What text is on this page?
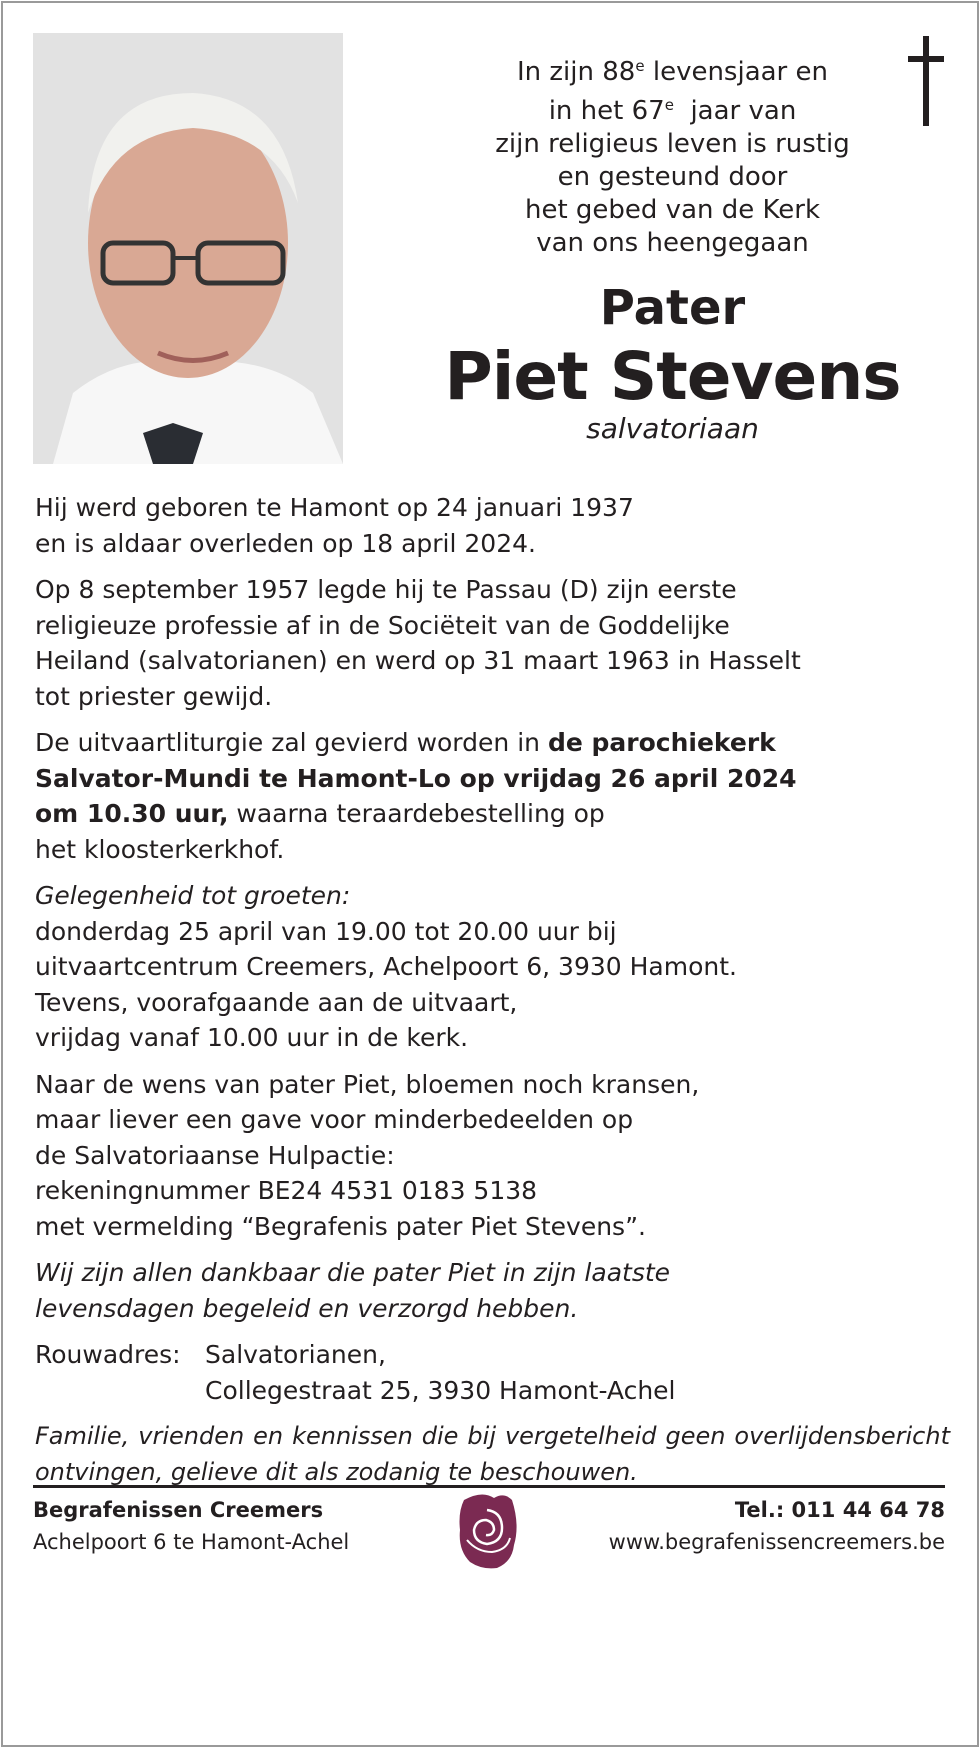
In zijn 88e levensjaar en
in het 67e  jaar van
zijn religieus leven is rustig
en gesteund door
het gebed van de Kerk
van ons heengegaan
Pater
Piet Stevens
salvatoriaan

Hij werd geboren te Hamont op 24 januari 1937
en is aldaar overleden op 18 april 2024.

Op 8 september 1957 legde hij te Passau (D) zijn eerste
religieuze professie af in de Sociëteit van de Goddelijke
Heiland (salvatorianen) en werd op 31 maart 1963 in Hasselt
tot priester gewijd.

De uitvaartliturgie zal gevierd worden in de parochiekerk
Salvator-Mundi te Hamont-Lo op vrijdag 26 april 2024
om 10.30 uur, waarna teraardebestelling op
het kloosterkerkhof.

Gelegenheid tot groeten:
donderdag 25 april van 19.00 tot 20.00 uur bij
uitvaartcentrum Creemers, Achelpoort 6, 3930 Hamont.
Tevens, voorafgaande aan de uitvaart,
vrijdag vanaf 10.00 uur in de kerk.

Naar de wens van pater Piet, bloemen noch kransen,
maar liever een gave voor minderbedeelden op
de Salvatoriaanse Hulpactie:
rekeningnummer BE24 4531 0183 5138
met vermelding “Begrafenis pater Piet Stevens”.

Wij zijn allen dankbaar die pater Piet in zijn laatste
levensdagen begeleid en verzorgd hebben.

Rouwadres: Salvatorianen,
Collegestraat 25, 3930 Hamont-Achel

Familie, vrienden en kennissen die bij vergetelheid geen overlijdensbericht ontvingen, gelieve dit als zodanig te beschouwen.

Begrafenissen Creemers
Achelpoort 6 te Hamont-Achel
Tel.: 011 44 64 78
www.begrafenissencreemers.be
